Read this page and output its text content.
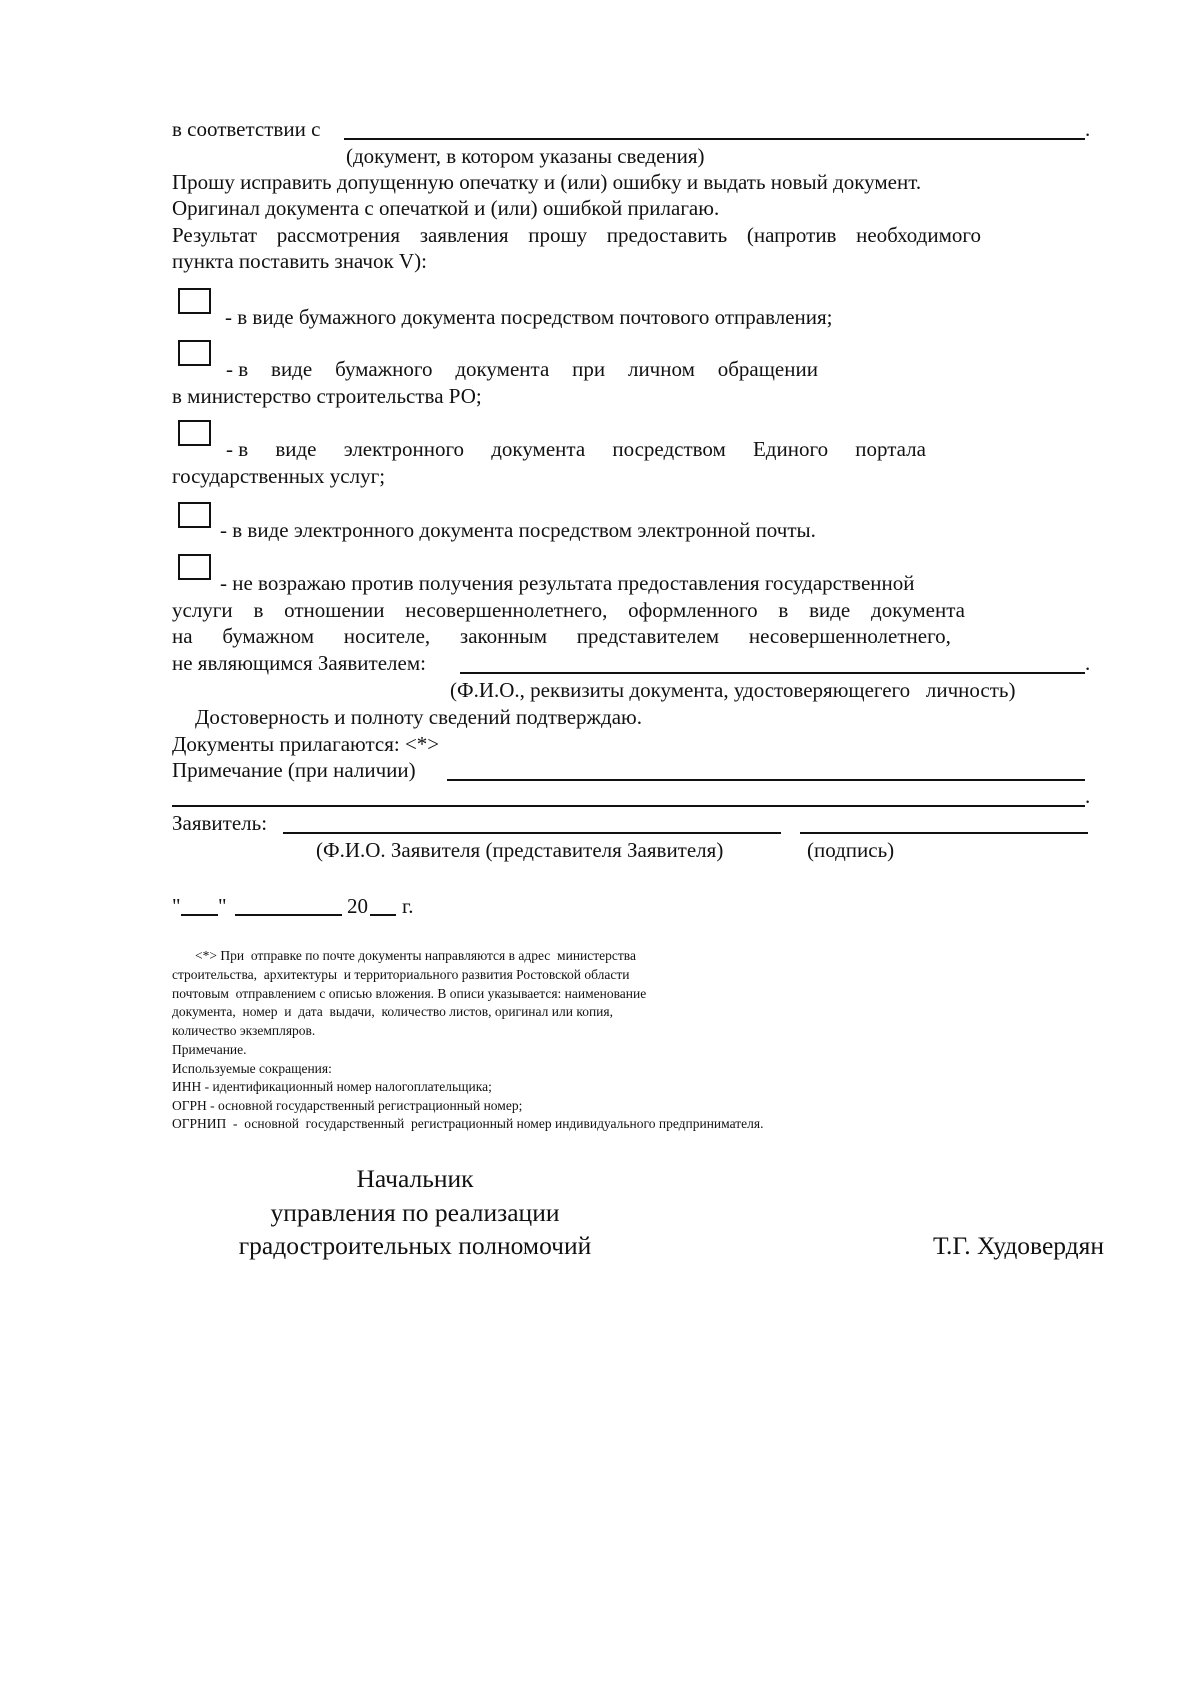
в соответствии с	.
(документ, в котором указаны сведения)
Прошу исправить допущенную опечатку и (или) ошибку и выдать новый документ.
Оригинал документа с опечаткой и (или) ошибкой прилагаю.
Результат рассмотрения заявления прошу предоставить (напротив необходимого
пункта поставить значок V):
- в виде бумажного документа посредством почтового отправления;
- в виде бумажного документа при личном обращении
в министерство строительства РО;
- в виде электронного документа посредством Единого портала
государственных услуг;
- в виде электронного документа посредством электронной почты.
- не возражаю против получения результата предоставления государственной
услуги в отношении несовершеннолетнего, оформленного в виде документа
на бумажном носителе, законным представителем несовершеннолетнего,
не являющимся Заявителем:	.
(Ф.И.О., реквизиты документа, удостоверяющегего   личность)
Достоверность и полноту сведений подтверждаю.
Документы прилагаются: <*>
Примечание (при наличии)
.
Заявитель:
(Ф.И.О. Заявителя (представителя Заявителя)	(подпись)
" "	20 г.
<*> При  отправке по почте документы направляются в адрес  министерства
строительства,  архитектуры  и территориального развития Ростовской области
почтовым  отправлением с описью вложения. В описи указывается: наименование
документа,  номер  и  дата  выдачи,  количество листов, оригинал или копия,
количество экземпляров.
Примечание.
Используемые сокращения:
ИНН - идентификационный номер налогоплательщика;
ОГРН - основной государственный регистрационный номер;
ОГРНИП  -  основной  государственный  регистрационный номер индивидуального предпринимателя.
Начальник
управления по реализации
градостроительных полномочий	Т.Г. Худовердян
